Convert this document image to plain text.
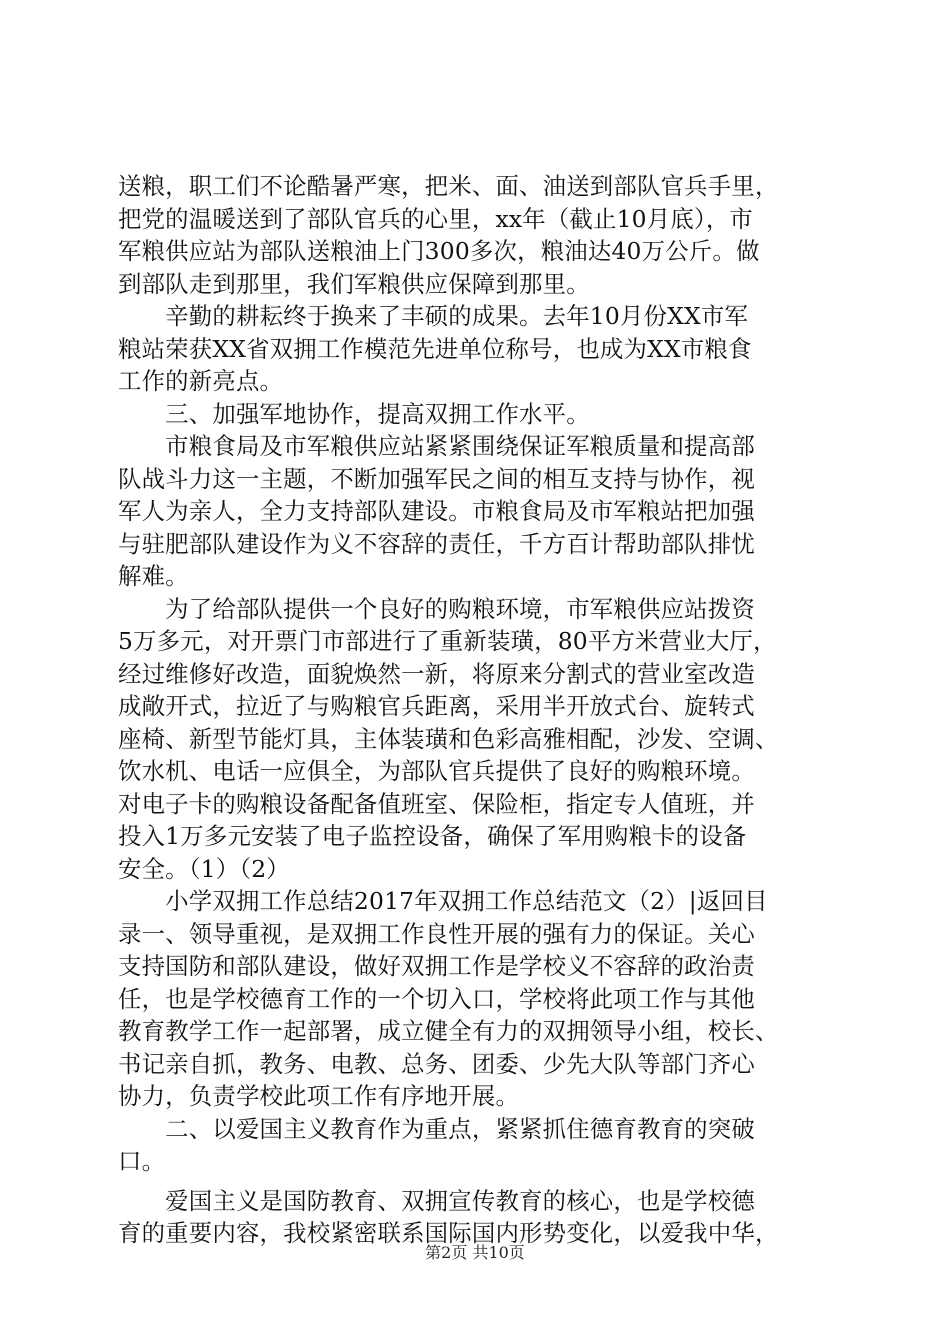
送粮，职工们不论酷暑严寒，把米、面、油送到部队官兵手里，
把党的温暖送到了部队官兵的心里，xx年（截止10月底），市
军粮供应站为部队送粮油上门300多次，粮油达40万公斤。做
到部队走到那里，我们军粮供应保障到那里。
　　辛勤的耕耘终于换来了丰硕的成果。去年10月份XX市军
粮站荣获XX省双拥工作模范先进单位称号，也成为XX市粮食
工作的新亮点。
　　三、加强军地协作，提高双拥工作水平。
　　市粮食局及市军粮供应站紧紧围绕保证军粮质量和提高部
队战斗力这一主题，不断加强军民之间的相互支持与协作，视
军人为亲人，全力支持部队建设。市粮食局及市军粮站把加强
与驻肥部队建设作为义不容辞的责任，千方百计帮助部队排忧
解难。
　　为了给部队提供一个良好的购粮环境，市军粮供应站拨资
5万多元，对开票门市部进行了重新装璜，80平方米营业大厅，
经过维修好改造，面貌焕然一新，将原来分割式的营业室改造
成敞开式，拉近了与购粮官兵距离，采用半开放式台、旋转式
座椅、新型节能灯具，主体装璜和色彩高雅相配，沙发、空调、
饮水机、电话一应俱全，为部队官兵提供了良好的购粮环境。
对电子卡的购粮设备配备值班室、保险柜，指定专人值班，并
投入1万多元安装了电子监控设备，确保了军用购粮卡的设备
安全。（1）（2）
　　小学双拥工作总结2017年双拥工作总结范文（2）|返回目
录一、领导重视，是双拥工作良性开展的强有力的保证。关心
支持国防和部队建设，做好双拥工作是学校义不容辞的政治责
任，也是学校德育工作的一个切入口，学校将此项工作与其他
教育教学工作一起部署，成立健全有力的双拥领导小组，校长、
书记亲自抓，教务、电教、总务、团委、少先大队等部门齐心
协力，负责学校此项工作有序地开展。
　　二、以爱国主义教育作为重点，紧紧抓住德育教育的突破
口。
　　爱国主义是国防教育、双拥宣传教育的核心，也是学校德
育的重要内容，我校紧密联系国际国内形势变化，以爱我中华，
第2页 共10页
